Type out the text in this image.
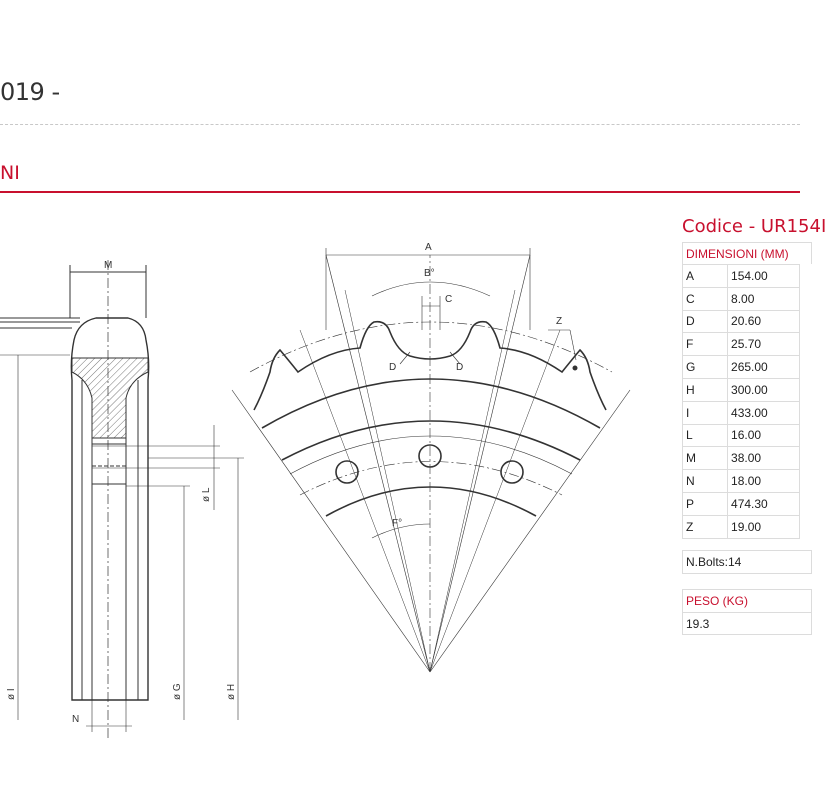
019 -
NI
M
A
B°
C
D	D
Z
F°
ø L
ø I	ø G	ø H
N
Codice - UR154I
DIMENSIONI (MM)
A	154.00
C	8.00
D	20.60
F	25.70
G	265.00
H	300.00
I	433.00
L	16.00
M	38.00
N	18.00
P	474.30
Z	19.00
N.Bolts:14
PESO (KG)
19.3
